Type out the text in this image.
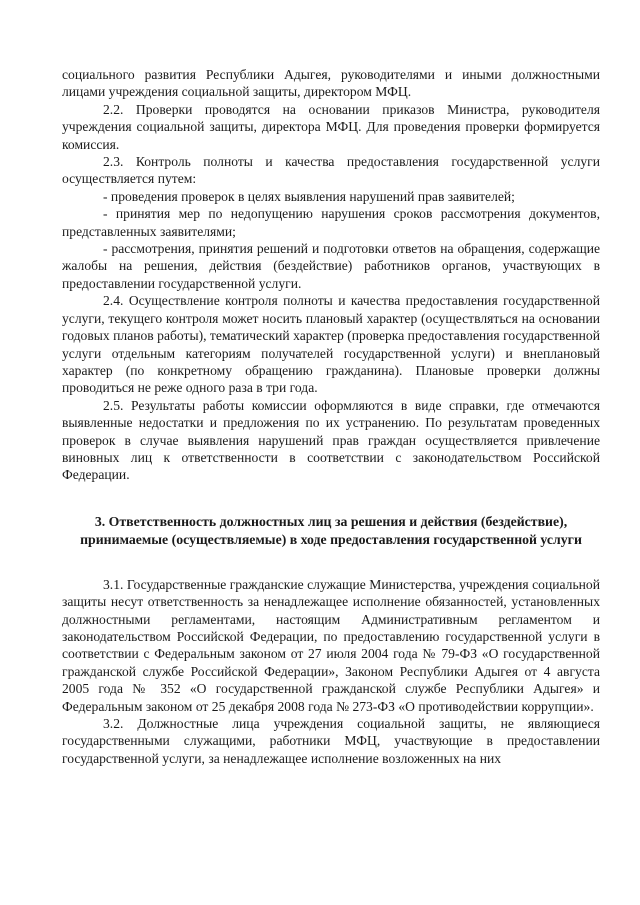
социального развития Республики Адыгея, руководителями и иными должностными лицами учреждения социальной защиты, директором МФЦ.

2.2. Проверки проводятся на основании приказов Министра, руководителя учреждения социальной защиты, директора МФЦ. Для проведения проверки формируется комиссия.

2.3. Контроль полноты и качества предоставления государственной услуги осуществляется путем:

- проведения проверок в целях выявления нарушений прав заявителей;

- принятия мер по недопущению нарушения сроков рассмотрения документов, представленных заявителями;

- рассмотрения, принятия решений и подготовки ответов на обращения, содержащие жалобы на решения, действия (бездействие) работников органов, участвующих в предоставлении государственной услуги.

2.4. Осуществление контроля полноты и качества предоставления государственной услуги, текущего контроля может носить плановый характер (осуществляться на основании годовых планов работы), тематический характер (проверка предоставления государственной услуги отдельным категориям получателей государственной услуги) и внеплановый характер (по конкретному обращению гражданина). Плановые проверки должны проводиться не реже одного раза в три года.

2.5. Результаты работы комиссии оформляются в виде справки, где отмечаются выявленные недостатки и предложения по их устранению. По результатам проведенных проверок в случае выявления нарушений прав граждан осуществляется привлечение виновных лиц к ответственности в соответствии с законодательством Российской Федерации.

3. Ответственность должностных лиц за решения и действия (бездействие), принимаемые (осуществляемые) в ходе предоставления государственной услуги

3.1. Государственные гражданские служащие Министерства, учреждения социальной защиты несут ответственность за ненадлежащее исполнение обязанностей, установленных должностными регламентами, настоящим Административным регламентом и законодательством Российской Федерации, по предоставлению государственной услуги в соответствии с Федеральным законом от 27 июля 2004 года № 79-ФЗ «О государственной гражданской службе Российской Федерации», Законом Республики Адыгея от 4 августа 2005 года № 352 «О государственной гражданской службе Республики Адыгея» и Федеральным законом от 25 декабря 2008 года № 273-ФЗ «О противодействии коррупции».

3.2. Должностные лица учреждения социальной защиты, не являющиеся государственными служащими, работники МФЦ, участвующие в предоставлении государственной услуги, за ненадлежащее исполнение возложенных на них
